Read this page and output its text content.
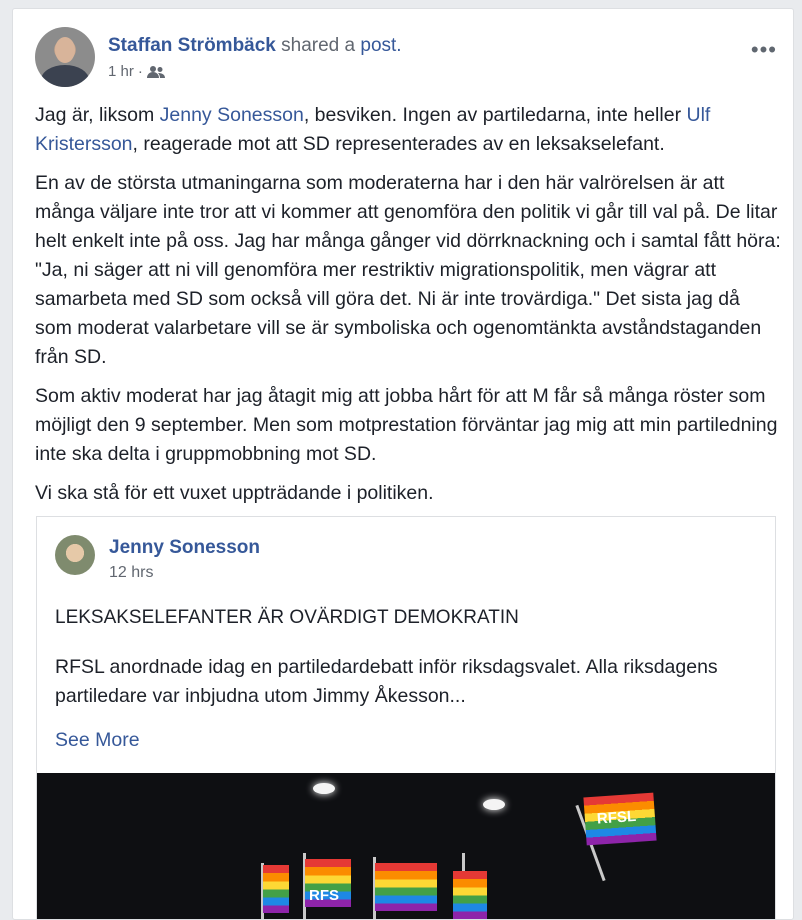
Staffan Strömbäck shared a post.
1 hr ·
•••

Jag är, liksom Jenny Sonesson, besviken. Ingen av partiledarna, inte heller Ulf Kristersson, reagerade mot att SD representerades av en leksakselefant.

En av de största utmaningarna som moderaterna har i den här valrörelsen är att många väljare inte tror att vi kommer att genomföra den politik vi går till val på. De litar helt enkelt inte på oss. Jag har många gånger vid dörrknackning och i samtal fått höra: "Ja, ni säger att ni vill genomföra mer restriktiv migrationspolitik, men vägrar att samarbeta med SD som också vill göra det. Ni är inte trovärdiga." Det sista jag då som moderat valarbetare vill se är symboliska och ogenomtänkta avståndstaganden från SD.

Som aktiv moderat har jag åtagit mig att jobba hårt för att M får så många röster som möjligt den 9 september. Men som motprestation förväntar jag mig att min partiledning inte ska delta i gruppmobbning mot SD.

Vi ska stå för ett vuxet uppträdande i politiken.

Jenny Sonesson
12 hrs
LEKSAKSELEFANTER ÄR OVÄRDIGT DEMOKRATIN
RFSL anordnade idag en partiledardebatt inför riksdagsvalet. Alla riksdagens partiledare var inbjudna utom Jimmy Åkesson...
See More
RFSL
RFS
